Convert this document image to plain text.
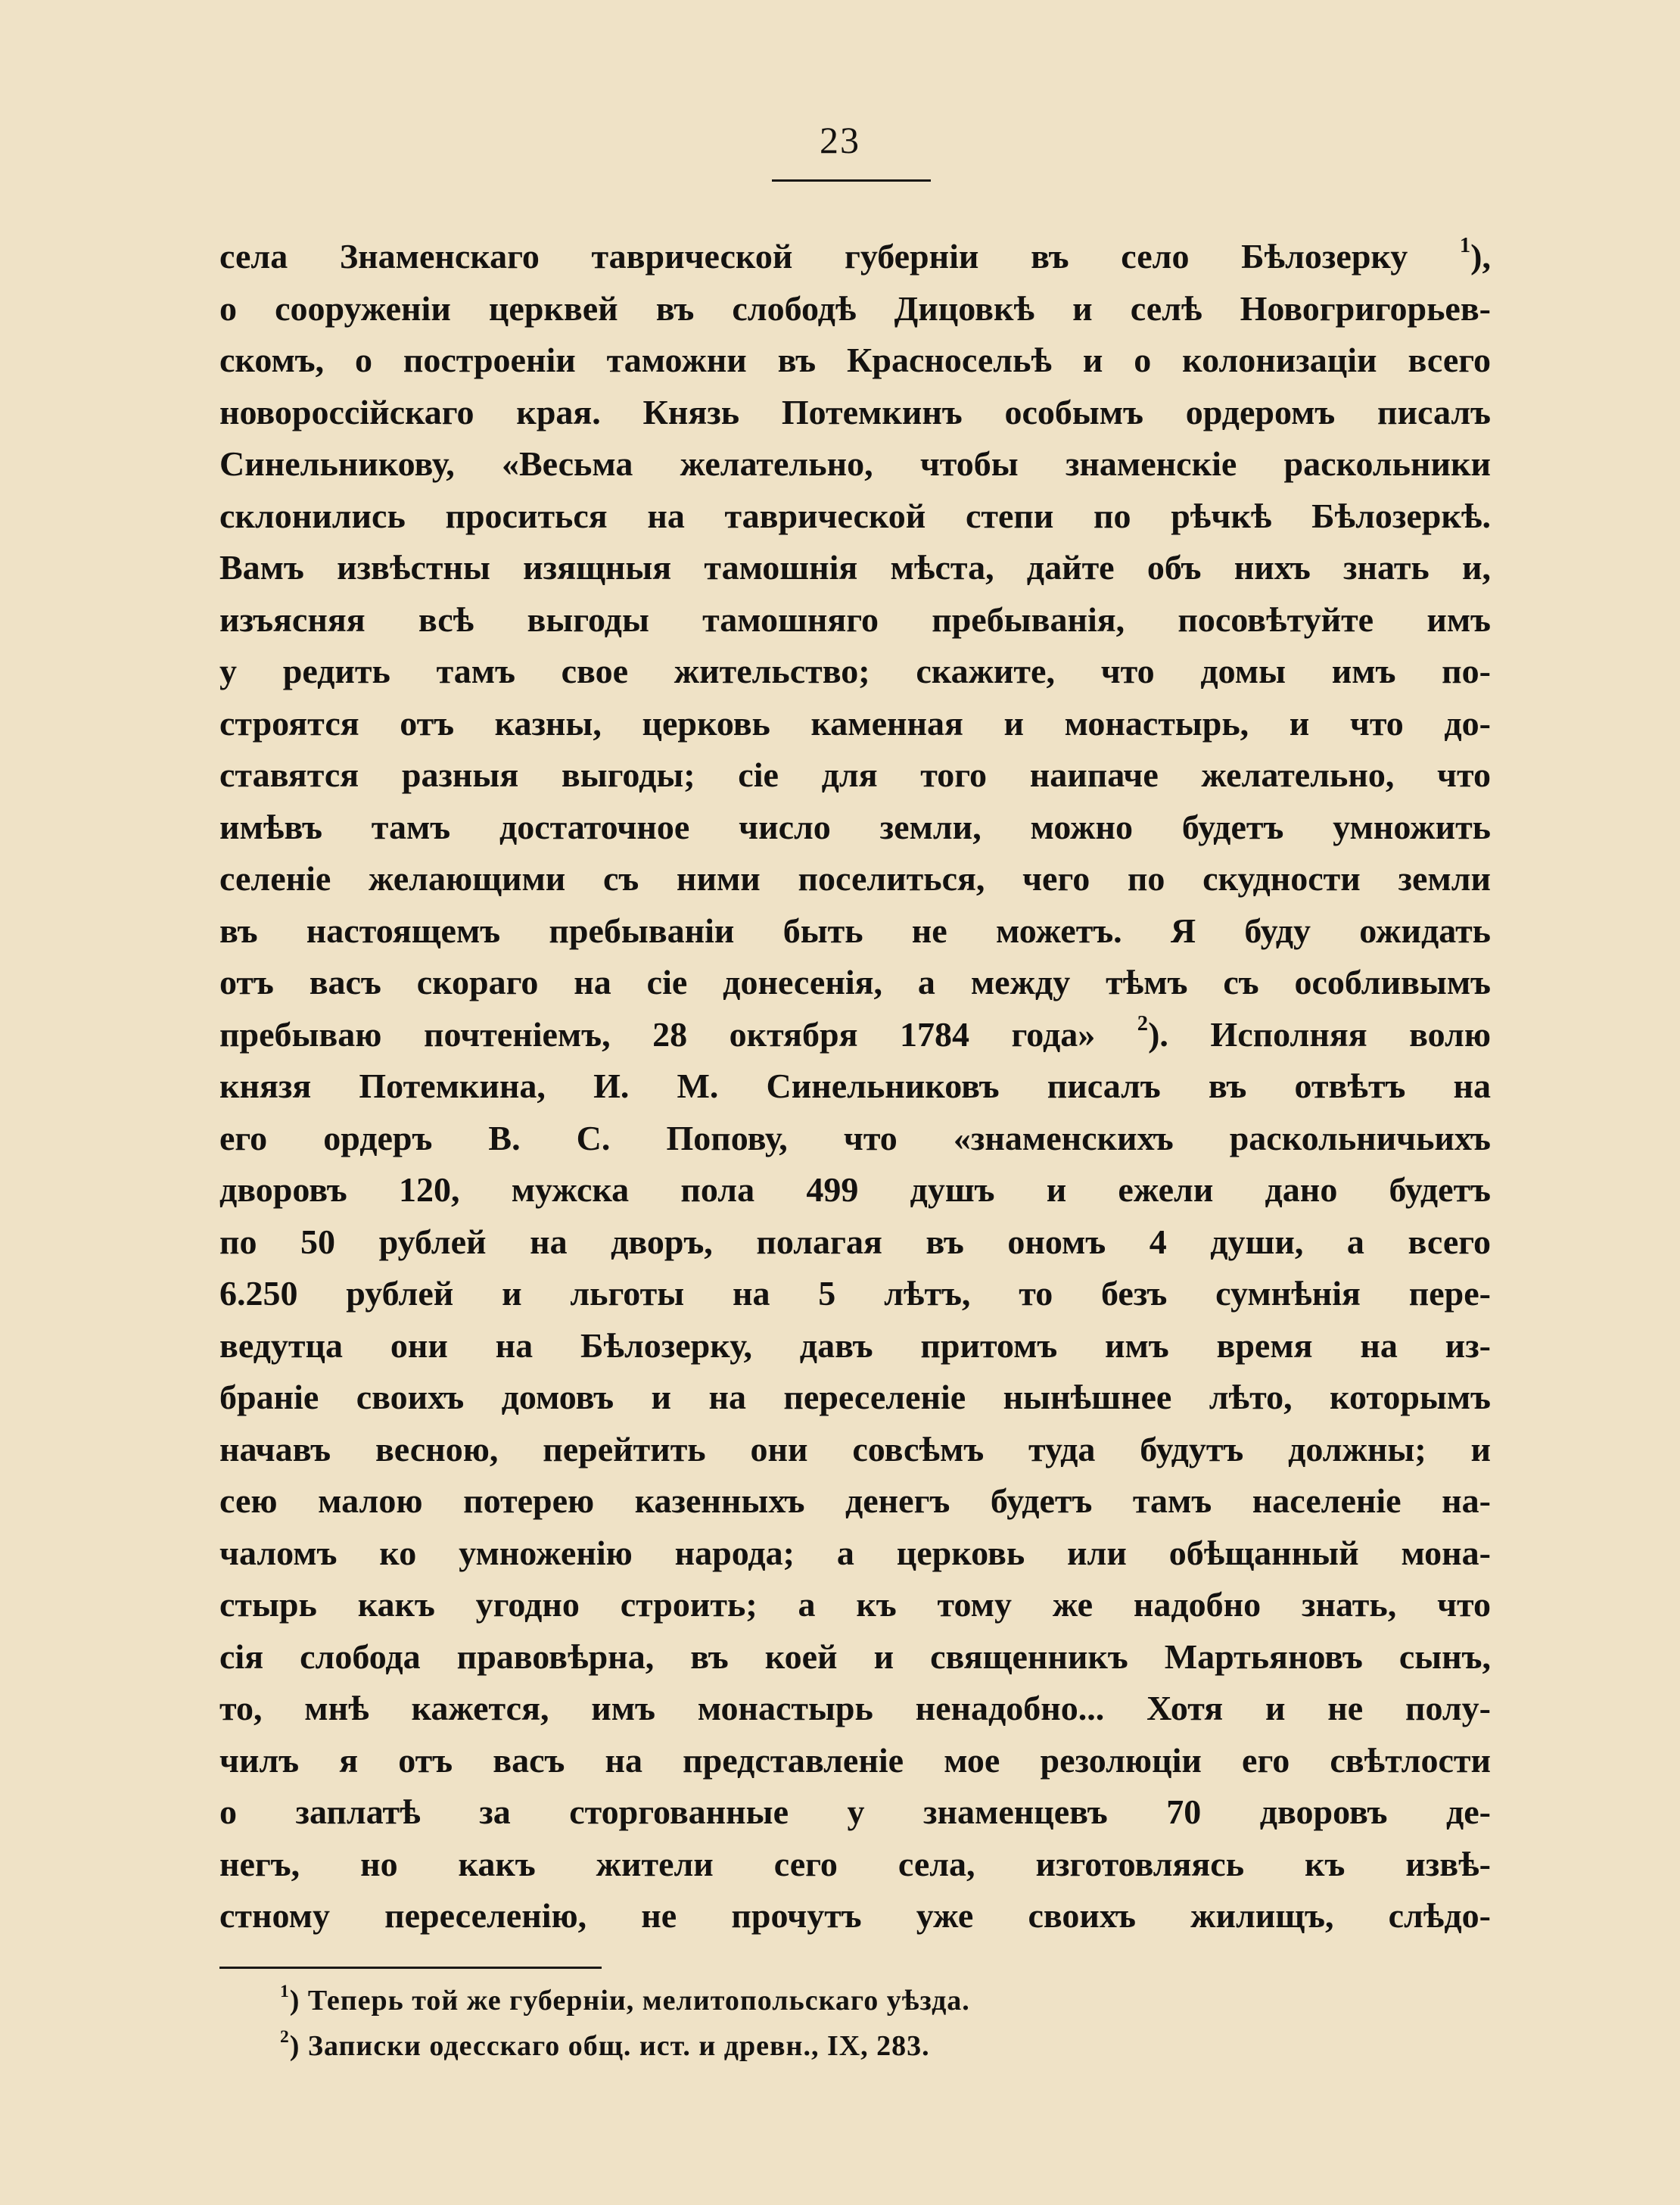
23
села Знаменскаго таврической губерніи въ село Бѣлозерку $^1$),
о сооруженіи церквей въ слободѣ Дицовкѣ и селѣ Новогригорьев-
скомъ, о построеніи таможни въ Красносельѣ и о колонизаціи всего
новороссійскаго края. Князь Потемкинъ особымъ ордеромъ писалъ
Синельникову, «Весьма желательно, чтобы знаменскіе раскольники
склонились проситься на таврической степи по рѣчкѣ Бѣлозеркѣ.
Вамъ извѣстны изящныя тамошнія мѣста, дайте объ нихъ знать и,
изъясняя всѣ выгоды тамошняго пребыванія, посовѣтуйте имъ
у редить тамъ свое жительство; скажите, что домы имъ по-
строятся отъ казны, церковь каменная и монастырь, и что до-
ставятся разныя выгоды; сіе для того наипаче желательно, что
имѣвъ тамъ достаточное число земли, можно будетъ умножить
селеніе желающими съ ними поселиться, чего по скудности земли
въ настоящемъ пребываніи быть не можетъ. Я буду ожидать
отъ васъ скораго на сіе донесенія, а между тѣмъ съ особливымъ
пребываю почтеніемъ, 28 октября 1784 года» $^2$). Исполняя волю
князя Потемкина, И. М. Синельниковъ писалъ въ отвѣтъ на
его ордеръ В. С. Попову, что «знаменскихъ раскольничьихъ
дворовъ 120, мужска пола 499 душъ и ежели дано будетъ
по 50 рублей на дворъ, полагая въ ономъ 4 души, а всего
6.250 рублей и льготы на 5 лѣтъ, то безъ сумнѣнія пере-
ведутца они на Бѣлозерку, давъ притомъ имъ время на из-
браніе своихъ домовъ и на переселеніе нынѣшнее лѣто, которымъ
начавъ весною, перейтить они совсѣмъ туда будутъ должны; и
сею малою потерею казенныхъ денегъ будетъ тамъ населеніе на-
чаломъ ко умноженію народа; а церковь или обѣщанный мона-
стырь какъ угодно строить; а къ тому же надобно знать, что
сія слобода правовѣрна, въ коей и священникъ Мартьяновъ сынъ,
то, мнѣ кажется, имъ монастырь ненадобно... Хотя и не полу-
чилъ я отъ васъ на представленіе мое резолюціи его свѣтлости
о заплатѣ за сторгованные у знаменцевъ 70 дворовъ де-
негъ, но какъ жители сего села, изготовляясь къ извѣ-
стному переселенію, не прочутъ уже своихъ жилищъ, слѣдо-
$^1$) Теперь той же губерніи, мелитопольскаго уѣзда.
$^2$) Записки одесскаго общ. ист. и древн., IX, 283.
